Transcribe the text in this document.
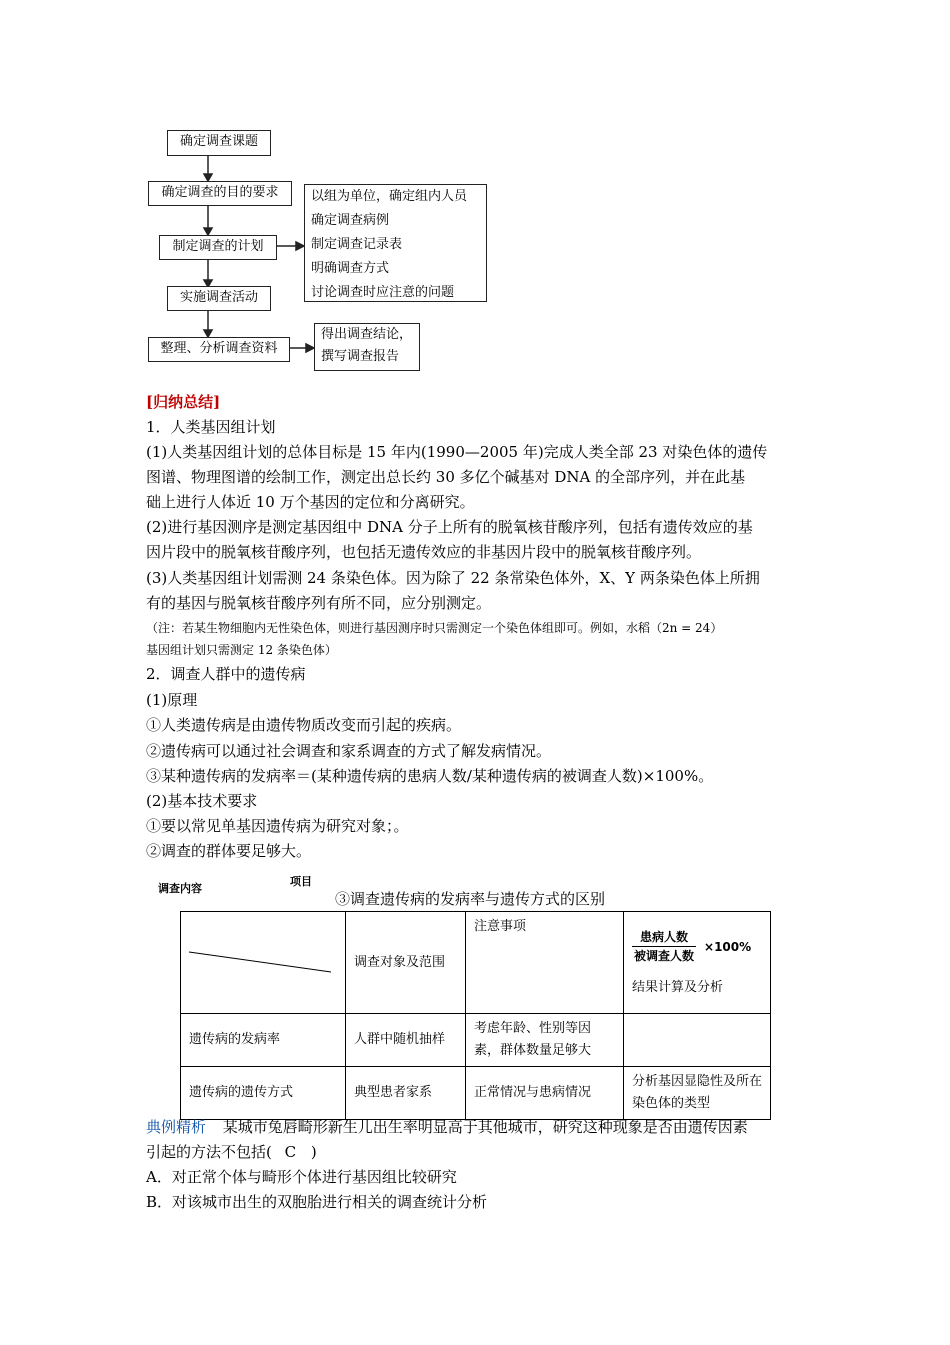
确定调查课题
确定调查的目的要求
制定调查的计划
实施调查活动
整理、分析调查资料
以组为单位，确定组内人员
确定调查病例
制定调查记录表
明确调查方式
讨论调查时应注意的问题
得出调查结论，
撰写调查报告
[归纳总结]
1．人类基因组计划
(1)人类基因组计划的总体目标是 15 年内(1990—2005 年)完成人类全部 23 对染色体的遗传
图谱、物理图谱的绘制工作，测定出总长约 30 多亿个碱基对 DNA 的全部序列，并在此基
础上进行人体近 10 万个基因的定位和分离研究。
(2)进行基因测序是测定基因组中 DNA 分子上所有的脱氧核苷酸序列，包括有遗传效应的基
因片段中的脱氧核苷酸序列，也包括无遗传效应的非基因片段中的脱氧核苷酸序列。
(3)人类基因组计划需测 24 条染色体。因为除了 22 条常染色体外，X、Y 两条染色体上所拥
有的基因与脱氧核苷酸序列有所不同，应分别测定。
（注：若某生物细胞内无性染色体，则进行基因测序时只需测定一个染色体组即可。例如，水稻（2n = 24）
基因组计划只需测定 12 条染色体）
2．调查人群中的遗传病
(1)原理
①人类遗传病是由遗传物质改变而引起的疾病。
②遗传病可以通过社会调查和家系调查的方式了解发病情况。
③某种遗传病的发病率＝(某种遗传病的患病人数/某种遗传病的被调查人数)×100%。
(2)基本技术要求
①要以常见单基因遗传病为研究对象；。
②调查的群体要足够大。
调查内容
项目
③调查遗传病的发病率与遗传方式的区别
	调查对象及范围	注意事项	患病人数
被调查人数
×100%
结果计算及分析

遗传病的发病率	人群中随机抽样	考虑年龄、性别等因素，群体数量足够大	
遗传病的遗传方式	典型患者家系	正常情况与患病情况	分析基因显隐性及所在染色体的类型
典例精析 某城市兔唇畸形新生儿出生率明显高于其他城市，研究这种现象是否由遗传因素
引起的方法不包括( C )
A．对正常个体与畸形个体进行基因组比较研究
B．对该城市出生的双胞胎进行相关的调查统计分析
